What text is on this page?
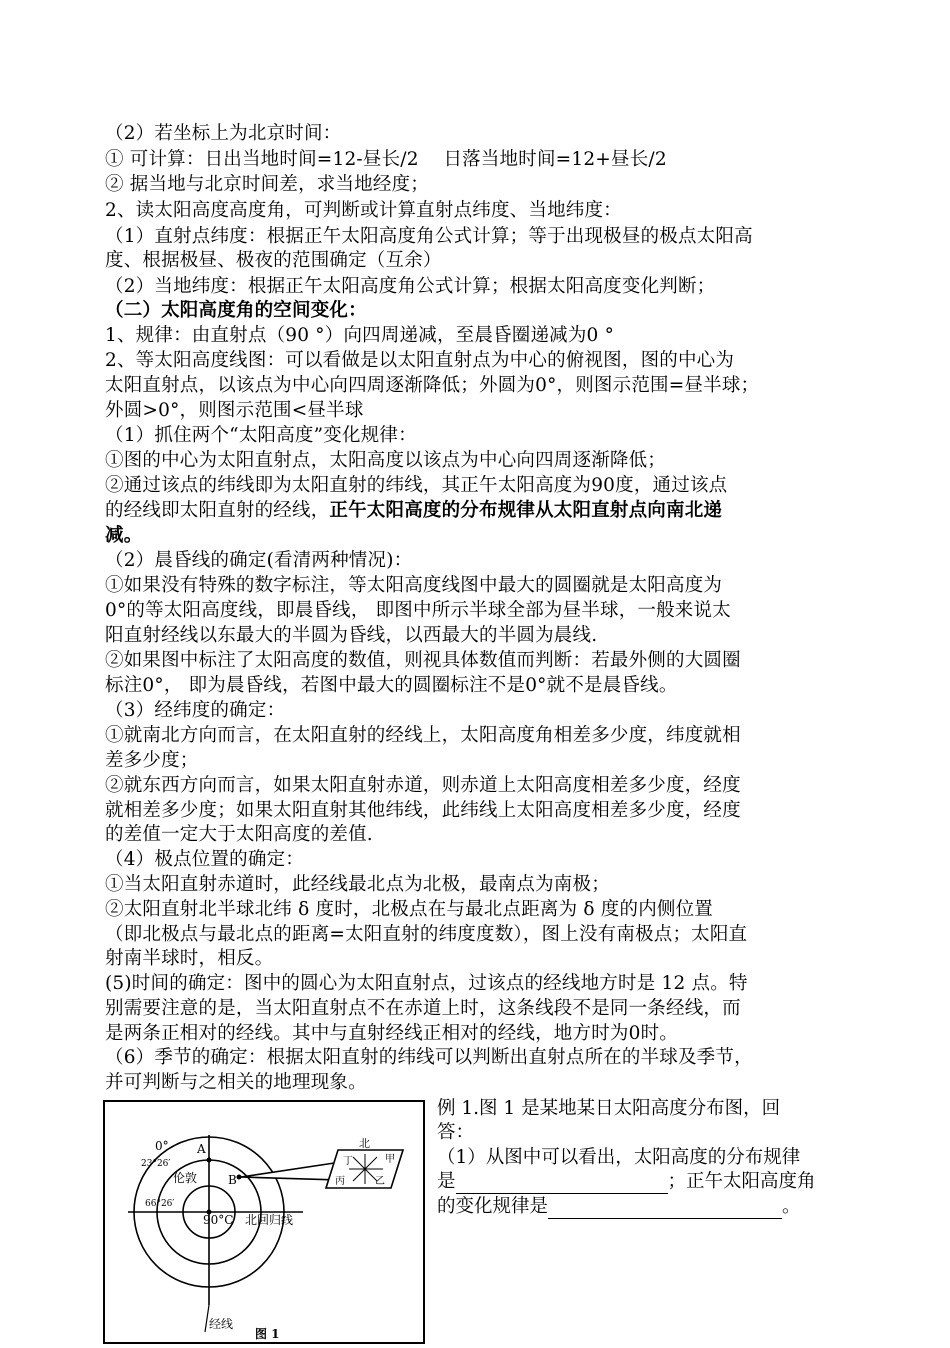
（2）若坐标上为北京时间：
① 可计算：日出当地时间=12-昼长/2　 日落当地时间=12+昼长/2
② 据当地与北京时间差，求当地经度；
2、读太阳高度高度角，可判断或计算直射点纬度、当地纬度：
（1）直射点纬度：根据正午太阳高度角公式计算；等于出现极昼的极点太阳高
度、根据极昼、极夜的范围确定（互余）
（2）当地纬度：根据正午太阳高度角公式计算；根据太阳高度变化判断；
（二）太阳高度角的空间变化：
1、规律：由直射点（90 °）向四周递减，至晨昏圈递减为0 °
2、等太阳高度线图：可以看做是以太阳直射点为中心的俯视图，图的中心为
太阳直射点，以该点为中心向四周逐渐降低；外圆为0°，则图示范围=昼半球；
外圆>0°，则图示范围<昼半球
（1）抓住两个“太阳高度”变化规律：
①图的中心为太阳直射点，太阳高度以该点为中心向四周逐渐降低；
②通过该点的纬线即为太阳直射的纬线，其正午太阳高度为90度，通过该点
的经线即太阳直射的经线，正午太阳高度的分布规律从太阳直射点向南北递
减。
（2）晨昏线的确定(看清两种情况)：
①如果没有特殊的数字标注，等太阳高度线图中最大的圆圈就是太阳高度为
0°的等太阳高度线，即晨昏线， 即图中所示半球全部为昼半球，一般来说太
阳直射经线以东最大的半圆为昏线，以西最大的半圆为晨线.
②如果图中标注了太阳高度的数值，则视具体数值而判断：若最外侧的大圆圈
标注0°， 即为晨昏线，若图中最大的圆圈标注不是0°就不是晨昏线。
（3）经纬度的确定：
①就南北方向而言，在太阳直射的经线上，太阳高度角相差多少度，纬度就相
差多少度；
②就东西方向而言，如果太阳直射赤道，则赤道上太阳高度相差多少度，经度
就相差多少度；如果太阳直射其他纬线，此纬线上太阳高度相差多少度，经度
的差值一定大于太阳高度的差值.
（4）极点位置的确定：
①当太阳直射赤道时，此经线最北点为北极，最南点为南极；
②太阳直射北半球北纬 δ 度时，北极点在与最北点距离为 δ 度的内侧位置
（即北极点与最北点的距离=太阳直射的纬度度数），图上没有南极点；太阳直
射南半球时，相反。
(5)时间的确定：图中的圆心为太阳直射点，过该点的经线地方时是 12 点。特
别需要注意的是，当太阳直射点不在赤道上时，这条线段不是同一条经线，而
是两条正相对的经线。其中与直射经线正相对的经线，地方时为0时。
（6）季节的确定：根据太阳直射的纬线可以判断出直射点所在的半球及季节，
并可判断与之相关的地理现象。
0° A
23°26′
伦敦	B
66°26′
90°C 北回归线
经线
北
甲
丁
丙	乙
图 1
例 1.图 1 是某地某日太阳高度分布图，回
答：
（1）从图中可以看出，太阳高度的分布规律
是	；正午太阳高度角
的变化规律是	。
